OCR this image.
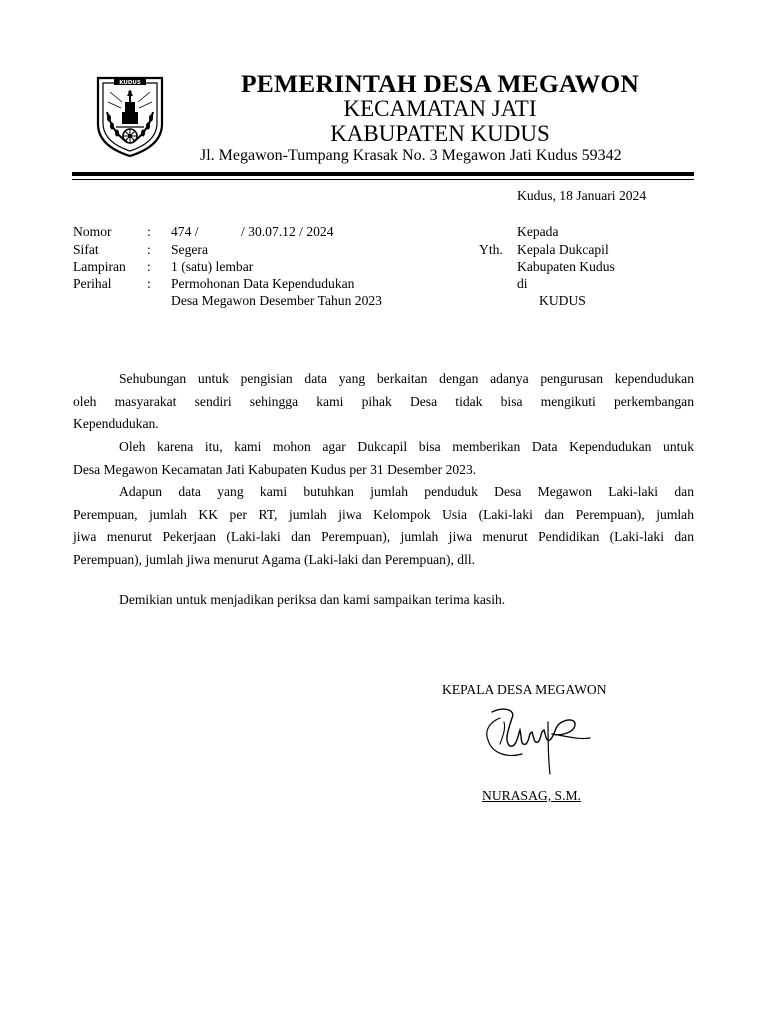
KUDUS	PEMERINTAH DESA MEGAWON
KECAMATAN JATI
KABUPATEN KUDUS
Jl. Megawon-Tumpang Krasak No. 3 Megawon Jati Kudus 59342
Kudus, 18 Januari 2024
Nomor	: 474 /	/ 30.07.12 / 2024
Sifat	: Segera
Lampiran : 1 (satu) lembar
Perihal	: Permohonan Data Kependudukan
Desa Megawon Desember Tahun 2023
Kepada
Yth. Kepala Dukcapil
Kabupaten Kudus
di
KUDUS
Sehubungan untuk pengisian data yang berkaitan dengan adanya pengurusan kependudukan
oleh masyarakat sendiri sehingga kami pihak Desa tidak bisa mengikuti perkembangan
Kependudukan.
Oleh karena itu, kami mohon agar Dukcapil bisa memberikan Data Kependudukan untuk
Desa Megawon Kecamatan Jati Kabupaten Kudus per 31 Desember 2023.
Adapun data yang kami butuhkan jumlah penduduk Desa Megawon Laki-laki dan
Perempuan, jumlah KK per RT, jumlah jiwa Kelompok Usia (Laki-laki dan Perempuan), jumlah
jiwa menurut Pekerjaan (Laki-laki dan Perempuan), jumlah jiwa menurut Pendidikan (Laki-laki dan
Perempuan), jumlah jiwa menurut Agama (Laki-laki dan Perempuan), dll.
Demikian untuk menjadikan periksa dan kami sampaikan terima kasih.
KEPALA DESA MEGAWON
NURASAG, S.M.
